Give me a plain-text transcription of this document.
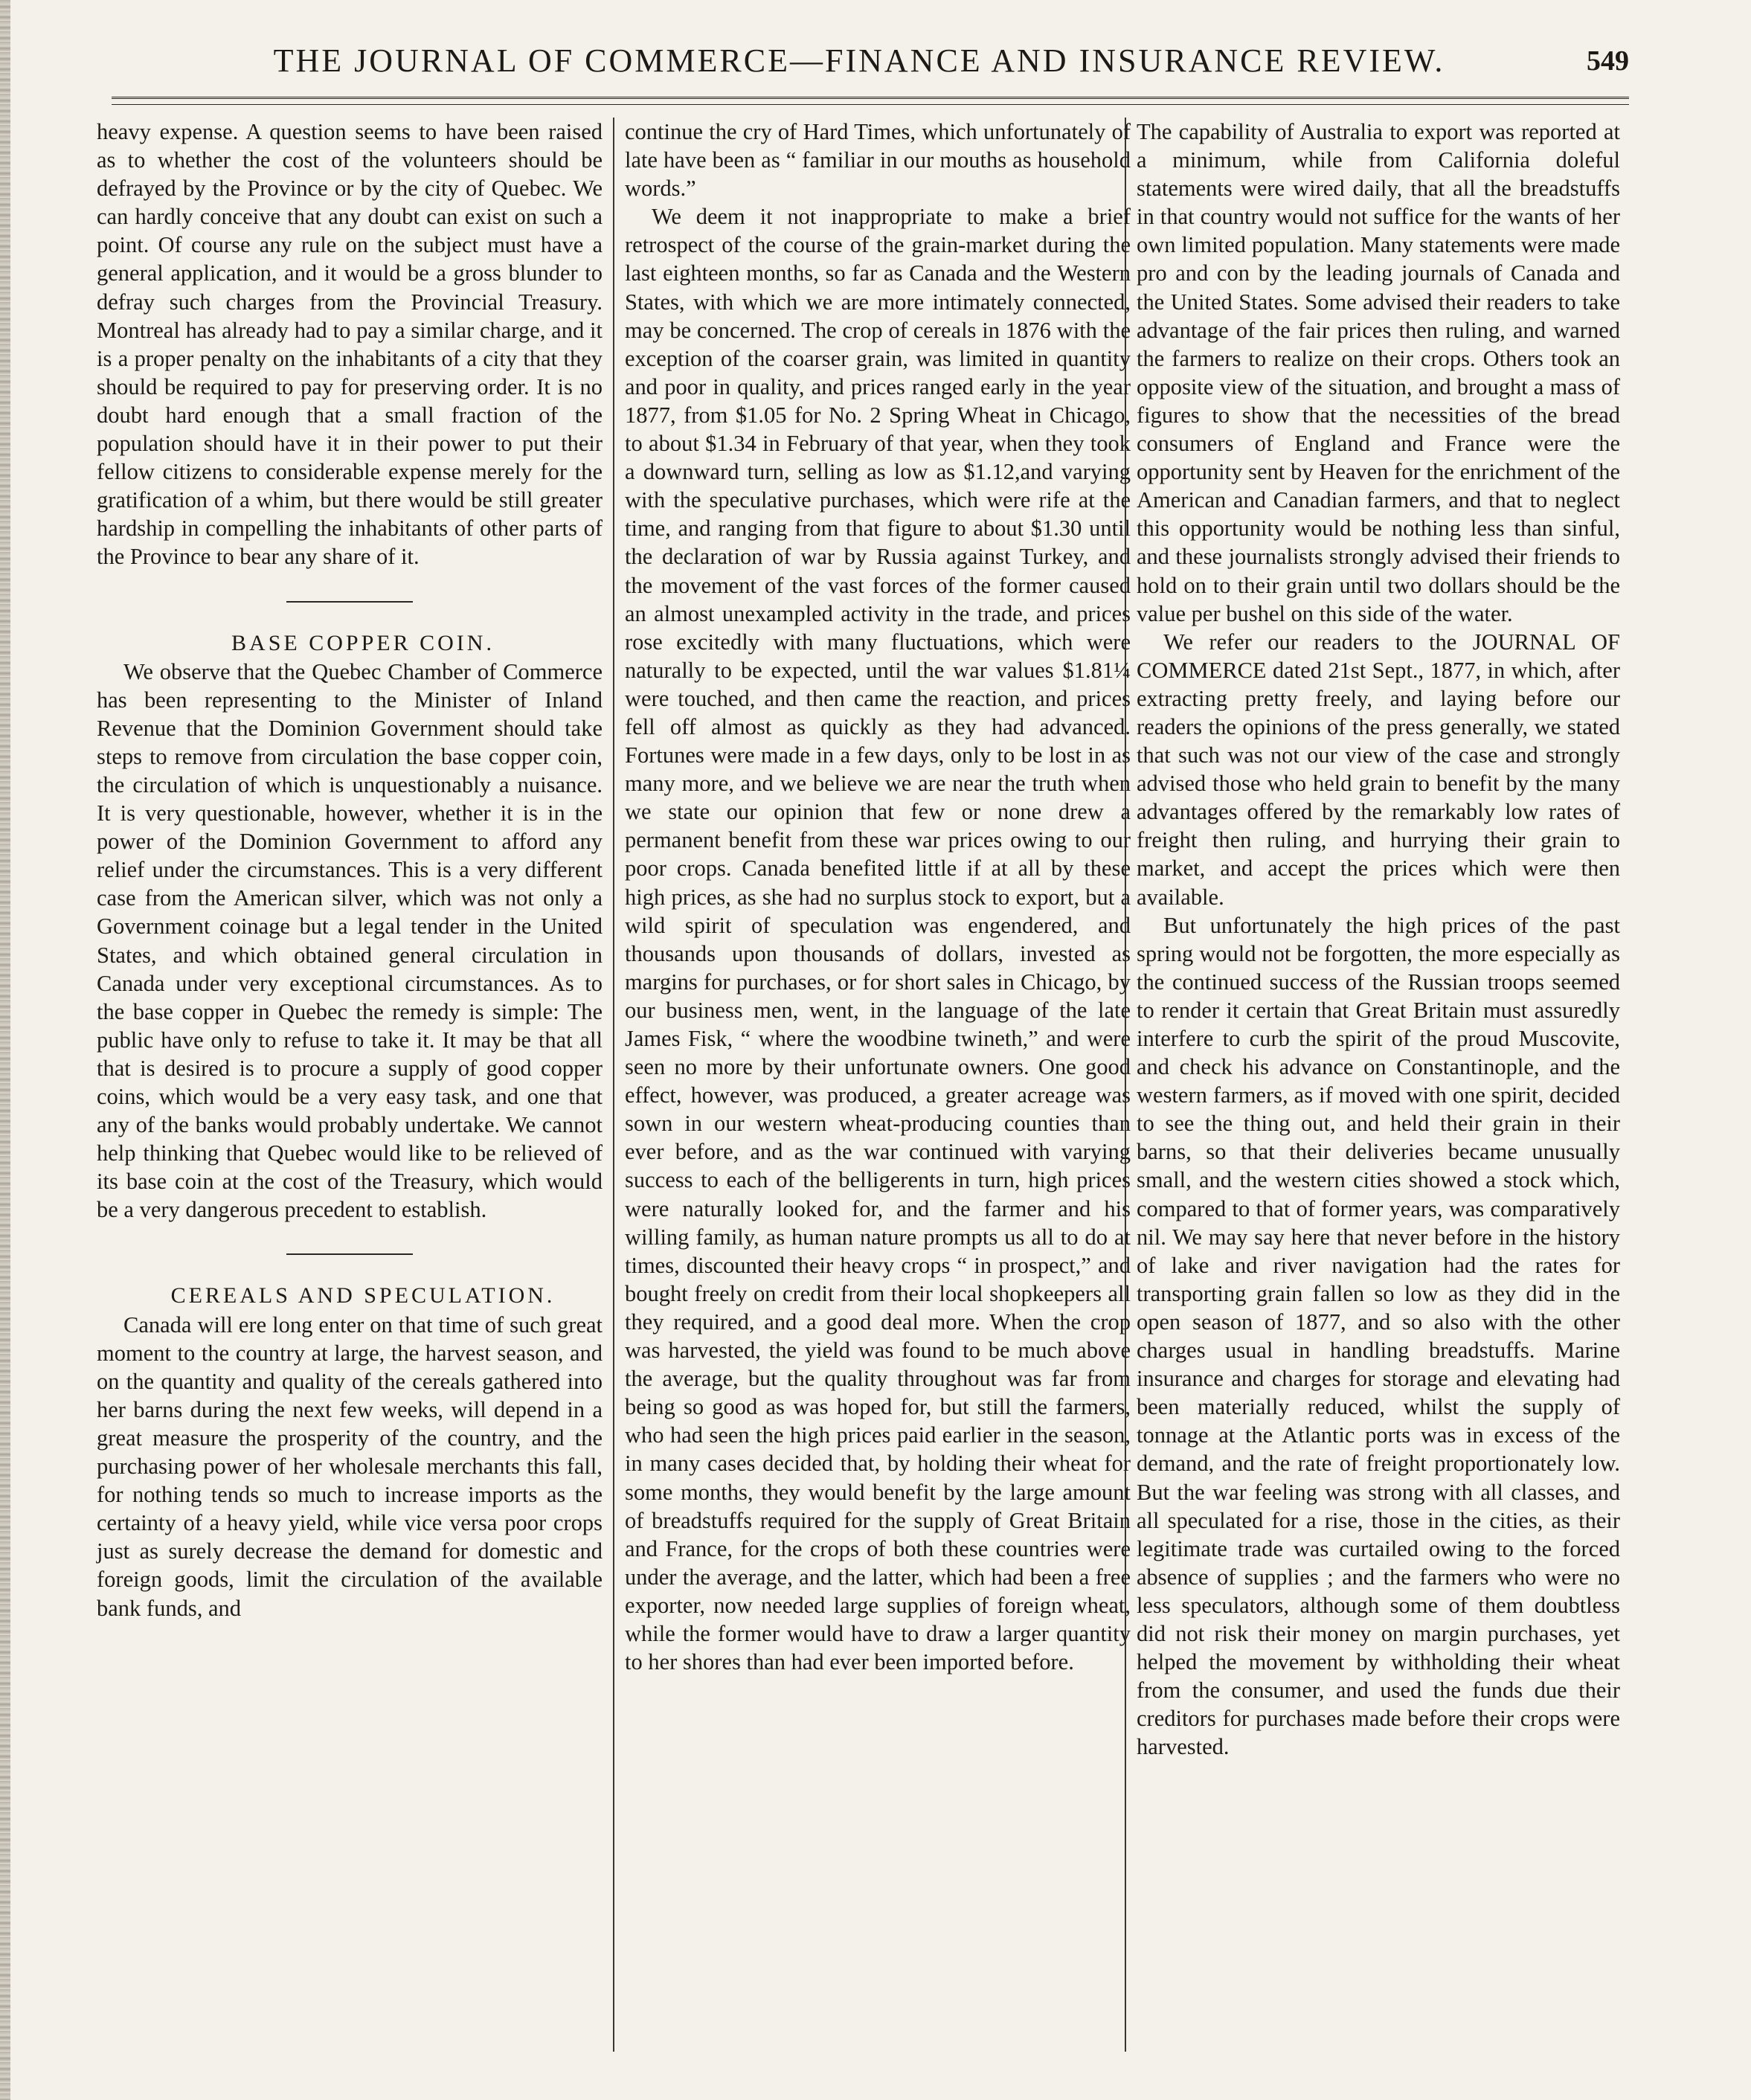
THE JOURNAL OF COMMERCE—FINANCE AND INSURANCE REVIEW.	549

heavy expense. A question seems to have been raised as to whether the cost of the volunteers should be defrayed by the Province or by the city of Quebec. We can hardly conceive that any doubt can exist on such a point. Of course any rule on the subject must have a general application, and it would be a gross blunder to defray such charges from the Provincial Treasury. Montreal has already had to pay a similar charge, and it is a proper penalty on the inhabitants of a city that they should be required to pay for preserving order. It is no doubt hard enough that a small fraction of the population should have it in their power to put their fellow citizens to considerable expense merely for the gratification of a whim, but there would be still greater hardship in compelling the inhabitants of other parts of the Province to bear any share of it.

BASE COPPER COIN.

We observe that the Quebec Chamber of Commerce has been representing to the Minister of Inland Revenue that the Dominion Government should take steps to remove from circulation the base copper coin, the circulation of which is unquestionably a nuisance. It is very questionable, however, whether it is in the power of the Dominion Government to afford any relief under the circumstances. This is a very different case from the American silver, which was not only a Government coinage but a legal tender in the United States, and which obtained general circulation in Canada under very exceptional circumstances. As to the base copper in Quebec the remedy is simple: The public have only to refuse to take it. It may be that all that is desired is to procure a supply of good copper coins, which would be a very easy task, and one that any of the banks would probably undertake. We cannot help thinking that Quebec would like to be relieved of its base coin at the cost of the Treasury, which would be a very dangerous precedent to establish.

CEREALS AND SPECULATION.

Canada will ere long enter on that time of such great moment to the country at large, the harvest season, and on the quantity and quality of the cereals gathered into her barns during the next few weeks, will depend in a great measure the prosperity of the country, and the purchasing power of her wholesale merchants this fall, for nothing tends so much to increase imports as the certainty of a heavy yield, while vice versa poor crops just as surely decrease the demand for domestic and foreign goods, limit the circulation of the available bank funds, and

continue the cry of Hard Times, which unfortunately of late have been as “ familiar in our mouths as household words.”

We deem it not inappropriate to make a brief retrospect of the course of the grain-market during the last eighteen months, so far as Canada and the Western States, with which we are more intimately connected, may be concerned. The crop of cereals in 1876 with the exception of the coarser grain, was limited in quantity and poor in quality, and prices ranged early in the year 1877, from $1.05 for No. 2 Spring Wheat in Chicago, to about $1.34 in February of that year, when they took a downward turn, selling as low as $1.12,and varying with the speculative purchases, which were rife at the time, and ranging from that figure to about $1.30 until the declaration of war by Russia against Turkey, and the movement of the vast forces of the former caused an almost unexampled activity in the trade, and prices rose excitedly with many fluctuations, which were naturally to be expected, until the war values $1.81¼ were touched, and then came the reaction, and prices fell off almost as quickly as they had advanced. Fortunes were made in a few days, only to be lost in as many more, and we believe we are near the truth when we state our opinion that few or none drew a permanent benefit from these war prices owing to our poor crops. Canada benefited little if at all by these high prices, as she had no surplus stock to export, but a wild spirit of speculation was engendered, and thousands upon thousands of dollars, invested as margins for purchases, or for short sales in Chicago, by our business men, went, in the language of the late James Fisk, “ where the woodbine twineth,” and were seen no more by their unfortunate owners. One good effect, however, was produced, a greater acreage was sown in our western wheat-producing counties than ever before, and as the war continued with varying success to each of the belligerents in turn, high prices were naturally looked for, and the farmer and his willing family, as human nature prompts us all to do at times, discounted their heavy crops “ in prospect,” and bought freely on credit from their local shopkeepers all they required, and a good deal more. When the crop was harvested, the yield was found to be much above the average, but the quality throughout was far from being so good as was hoped for, but still the farmers, who had seen the high prices paid earlier in the season, in many cases decided that, by holding their wheat for some months, they would benefit by the large amount of breadstuffs required for the supply of Great Britain and France, for the crops of both these countries were under the average, and the latter, which had been a free exporter, now needed large supplies of foreign wheat, while the former would have to draw a larger quantity to her shores than had ever been imported before.

The capability of Australia to export was reported at a minimum, while from California doleful statements were wired daily, that all the breadstuffs in that country would not suffice for the wants of her own limited population. Many statements were made pro and con by the leading journals of Canada and the United States. Some advised their readers to take advantage of the fair prices then ruling, and warned the farmers to realize on their crops. Others took an opposite view of the situation, and brought a mass of figures to show that the necessities of the bread consumers of England and France were the opportunity sent by Heaven for the enrichment of the American and Canadian farmers, and that to neglect this opportunity would be nothing less than sinful, and these journalists strongly advised their friends to hold on to their grain until two dollars should be the value per bushel on this side of the water.

We refer our readers to the JOURNAL OF COMMERCE dated 21st Sept., 1877, in which, after extracting pretty freely, and laying before our readers the opinions of the press generally, we stated that such was not our view of the case and strongly advised those who held grain to benefit by the many advantages offered by the remarkably low rates of freight then ruling, and hurrying their grain to market, and accept the prices which were then available.

But unfortunately the high prices of the past spring would not be forgotten, the more especially as the continued success of the Russian troops seemed to render it certain that Great Britain must assuredly interfere to curb the spirit of the proud Muscovite, and check his advance on Constantinople, and the western farmers, as if moved with one spirit, decided to see the thing out, and held their grain in their barns, so that their deliveries became unusually small, and the western cities showed a stock which, compared to that of former years, was comparatively nil. We may say here that never before in the history of lake and river navigation had the rates for transporting grain fallen so low as they did in the open season of 1877, and so also with the other charges usual in handling breadstuffs. Marine insurance and charges for storage and elevating had been materially reduced, whilst the supply of tonnage at the Atlantic ports was in excess of the demand, and the rate of freight proportionately low. But the war feeling was strong with all classes, and all speculated for a rise, those in the cities, as their legitimate trade was curtailed owing to the forced absence of supplies ; and the farmers who were no less speculators, although some of them doubtless did not risk their money on margin purchases, yet helped the movement by withholding their wheat from the consumer, and used the funds due their creditors for purchases made before their crops were harvested.
